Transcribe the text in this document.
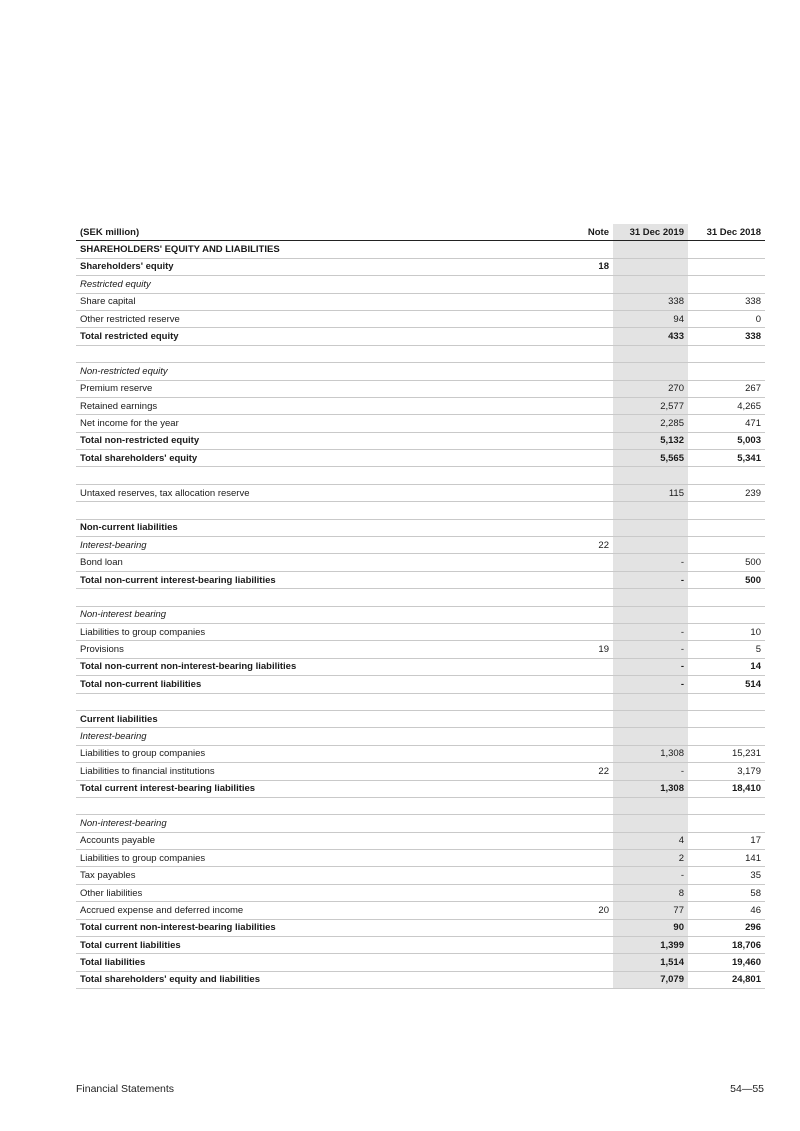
(SEK million)	Note	31 Dec 2019	31 Dec 2018
SHAREHOLDERS' EQUITY AND LIABILITIES			
Shareholders' equity	18		
Restricted equity			
Share capital		338	338
Other restricted reserve		94	0
Total restricted equity		433	338

Non-restricted equity			
Premium reserve		270	267
Retained earnings		2,577	4,265
Net income for the year		2,285	471
Total non-restricted equity		5,132	5,003
Total shareholders' equity		5,565	5,341

Untaxed reserves, tax allocation reserve		115	239

Non-current liabilities			
Interest-bearing	22		
Bond loan		-	500
Total non-current interest-bearing liabilities		-	500

Non-interest bearing			
Liabilities to group companies		-	10
Provisions	19	-	5
Total non-current non-interest-bearing liabilities		-	14
Total non-current liabilities		-	514

Current liabilities			
Interest-bearing			
Liabilities to group companies		1,308	15,231
Liabilities to financial institutions	22	-	3,179
Total current interest-bearing liabilities		1,308	18,410

Non-interest-bearing			
Accounts payable		4	17
Liabilities to group companies		2	141
Tax payables		-	35
Other liabilities		8	58
Accrued expense and deferred income	20	77	46
Total current non-interest-bearing liabilities		90	296
Total current liabilities		1,399	18,706
Total liabilities		1,514	19,460
Total shareholders' equity and liabilities		7,079	24,801
Financial Statements	54—55
